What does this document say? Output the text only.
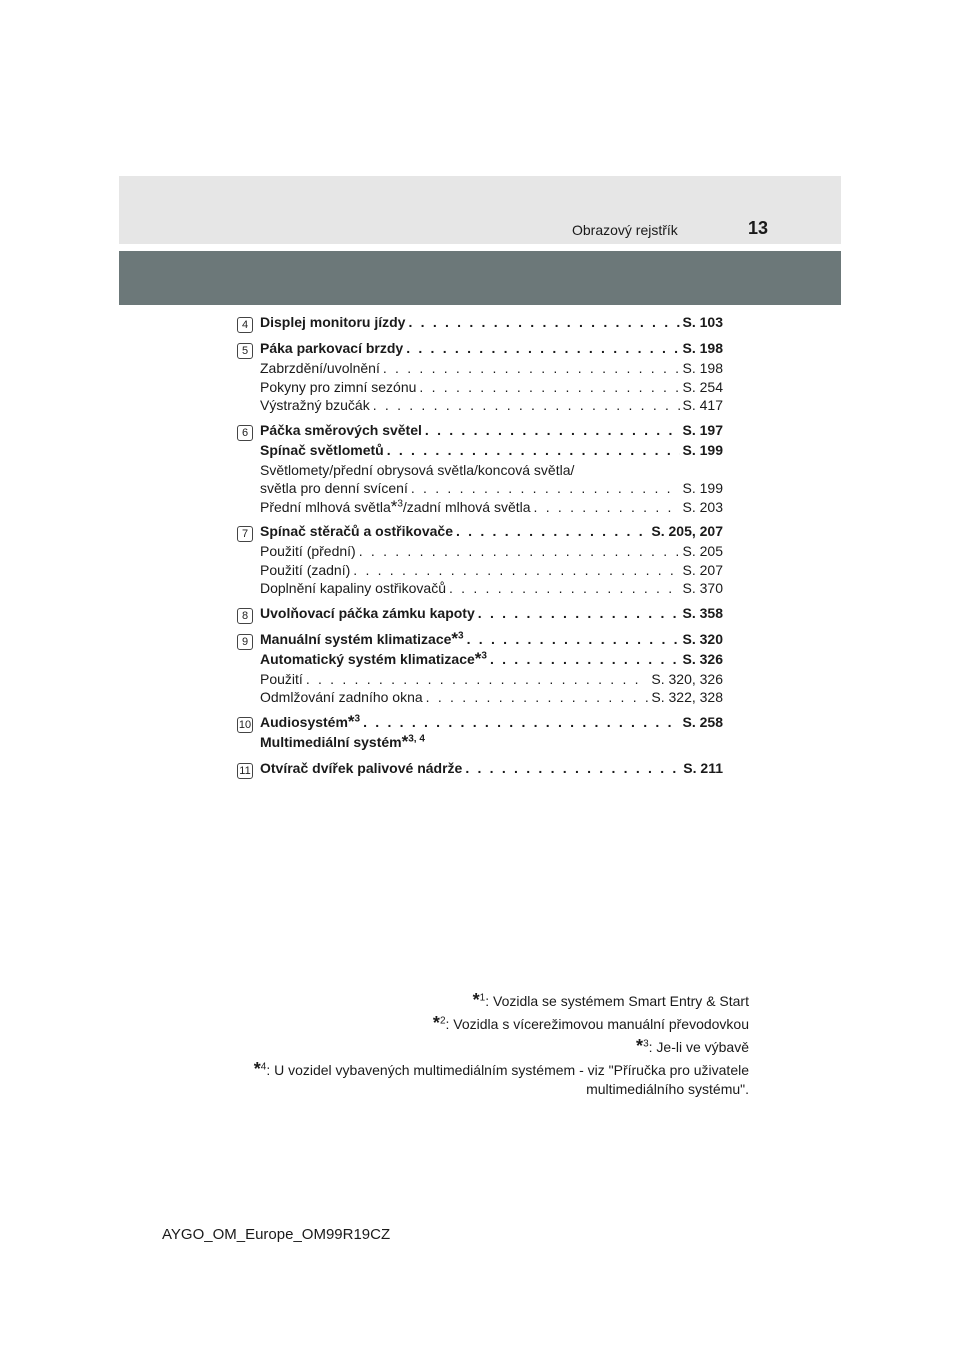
Obrazový rejstřík	13
4 Displej monitoru jízdy . . .	S. 103
5 Páka parkovací brzdy . . .	S. 198
Zabrzdění/uvolnění . . .	S. 198
Pokyny pro zimní sezónu . . .	S. 254
Výstražný bzučák . . .	S. 417
6 Páčka směrových světel . . .	S. 197
Spínač světlometů . . .	S. 199
Světlomety/přední obrysová světla/koncová světla/
světla pro denní svícení . . .	S. 199
Přední mlhová světla*$^3$/zadní mlhová světla . . .	S. 203
7 Spínač stěračů a ostřikovače . . .	S. 205, 207
Použití (přední) . . .	S. 205
Použití (zadní) . . .	S. 207
Doplnění kapaliny ostřikovačů . . .	S. 370
8 Uvolňovací páčka zámku kapoty . . .	S. 358
9 Manuální systém klimatizace*$^3$ . . .	S. 320
Automatický systém klimatizace*$^3$ . . .	S. 326
Použití . . .	S. 320, 326
Odmlžování zadního okna . . .	S. 322, 328
10 Audiosystém*$^3$ . . .	S. 258
Multimediální systém*$^{3, 4}$
11 Otvírač dvířek palivové nádrže . . .	S. 211
*$^1$: Vozidla se systémem Smart Entry & Start
*$^2$: Vozidla s vícerežimovou manuální převodovkou
*$^3$: Je-li ve výbavě
*$^4$: U vozidel vybavených multimediálním systémem - viz "Příručka pro uživatele
multimediálního systému".
AYGO_OM_Europe_OM99R19CZ
